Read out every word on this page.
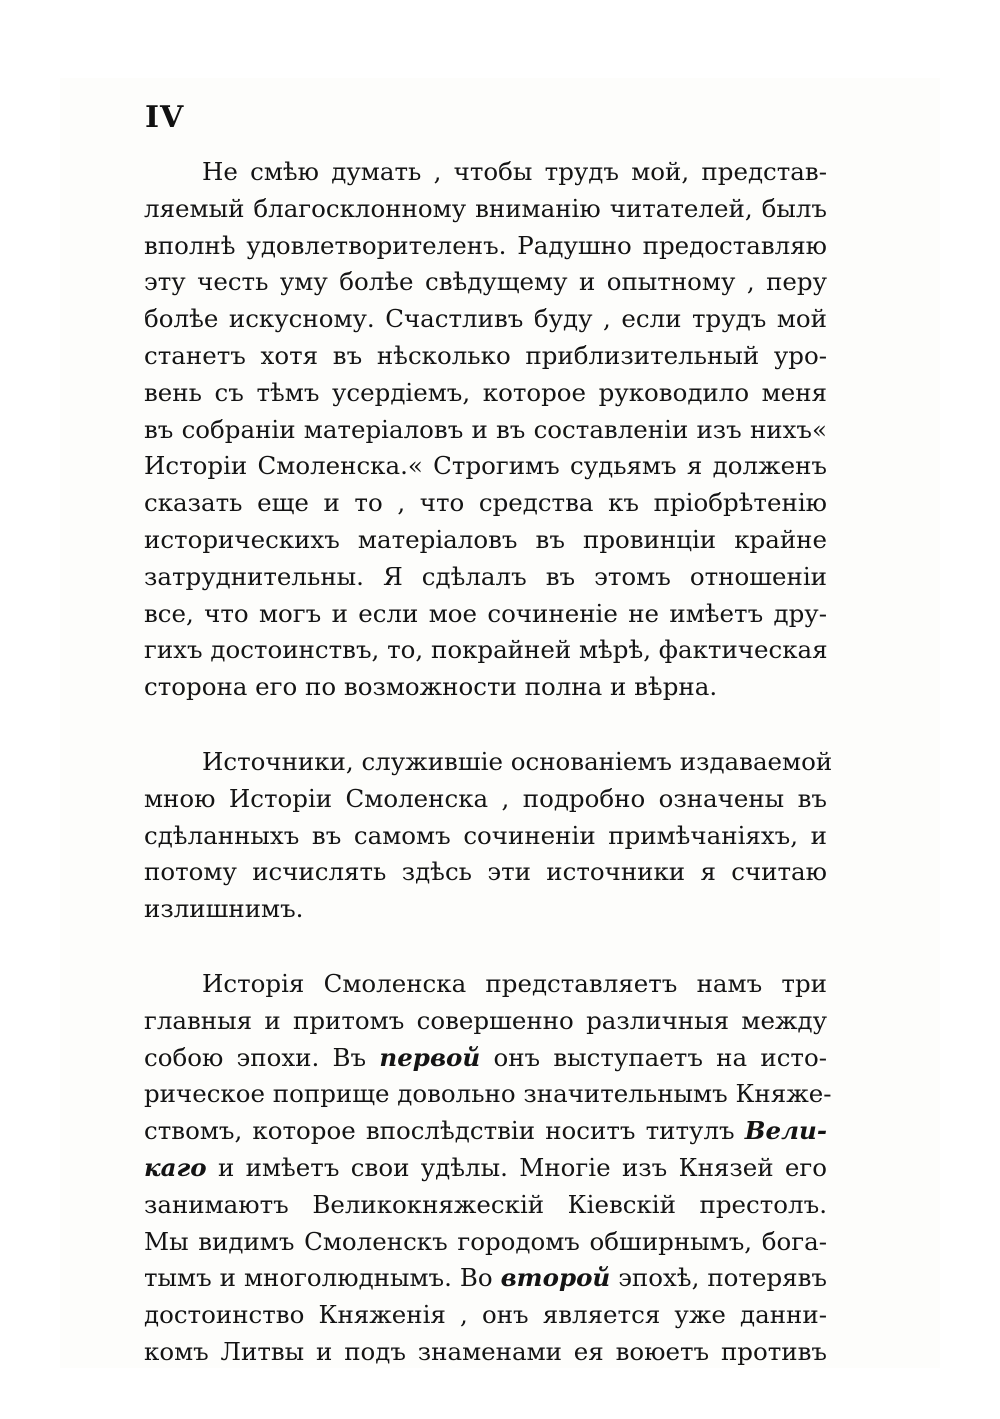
IV
Не смѣю думать , чтобы трудъ мой, представ-
ляемый благосклонному вниманію читателей, былъ
вполнѣ удовлетворителенъ. Радушно предоставляю
эту честь уму болѣе свѣдущему и опытному , перу
болѣе искусному. Счастливъ буду , если трудъ мой
станетъ хотя въ нѣсколько приблизительный уро-
вень съ тѣмъ усердіемъ, которое руководило меня
въ собраніи матеріаловъ и въ составленіи изъ нихъ«
Исторіи Смоленска.« Строгимъ судьямъ я долженъ
сказать еще и то , что средства къ пріобрѣтенію
историческихъ матеріаловъ въ провинціи крайне
затруднительны. Я сдѣлалъ въ этомъ отношеніи
все, что могъ и если мое сочиненіе не имѣетъ дру-
гихъ достоинствъ, то, покрайней мѣрѣ, фактическая
сторона его по возможности полна и вѣрна.
Источники, служившіе основаніемъ издаваемой
мною Исторіи Смоленска , подробно означены въ
сдѣланныхъ въ самомъ сочиненіи примѣчаніяхъ, и
потому исчислять здѣсь эти источники я считаю
излишнимъ.
Исторія Смоленска представляетъ намъ три
главныя и притомъ совершенно различныя между
собою эпохи. Въ первой онъ выступаетъ на исто-
рическое поприще довольно значительнымъ Княже-
ствомъ, которое впослѣдствіи носитъ титулъ Вели-
каго и имѣетъ свои удѣлы. Многіе изъ Князей его
занимаютъ Великокняжескій Кіевскій престолъ.
Мы видимъ Смоленскъ городомъ обширнымъ, бога-
тымъ и многолюднымъ. Во второй эпохѣ, потерявъ
достоинство Княженія , онъ является уже данни-
комъ Литвы и подъ знаменами ея воюетъ противъ
